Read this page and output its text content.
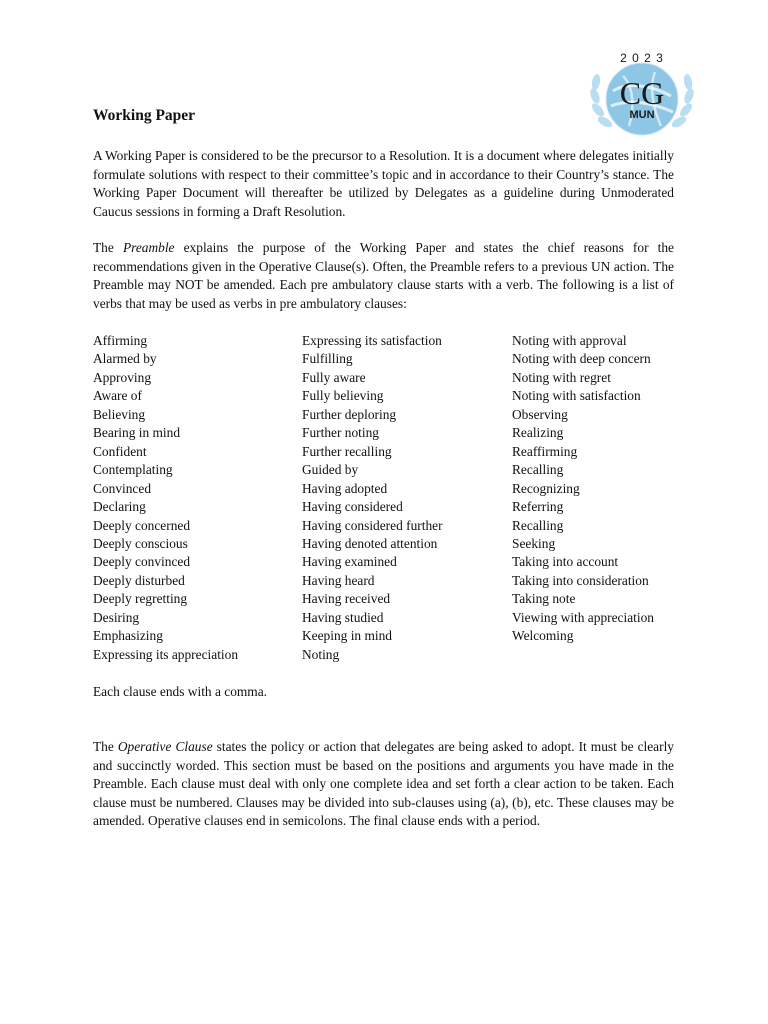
2 0 2 3
CG
MUN
Working Paper

A Working Paper is considered to be the precursor to a Resolution. It is a document where delegates initially formulate solutions with respect to their committee’s topic and in accordance to their Country’s stance. The Working Paper Document will thereafter be utilized by Delegates as a guideline during Unmoderated Caucus sessions in forming a Draft Resolution.

The Preamble explains the purpose of the Working Paper and states the chief reasons for the recommendations given in the Operative Clause(s). Often, the Preamble refers to a previous UN action. The Preamble may NOT be amended. Each pre ambulatory clause starts with a verb. The following is a list of verbs that may be used as verbs in pre ambulatory clauses:

Affirming
Alarmed by
Approving
Aware of
Believing
Bearing in mind
Confident
Contemplating
Convinced
Declaring
Deeply concerned
Deeply conscious
Deeply convinced
Deeply disturbed
Deeply regretting
Desiring
Emphasizing
Expressing its appreciation
Expressing its satisfaction
Fulfilling
Fully aware
Fully believing
Further deploring
Further noting
Further recalling
Guided by
Having adopted
Having considered
Having considered further
Having denoted attention
Having examined
Having heard
Having received
Having studied
Keeping in mind
Noting
Noting with approval
Noting with deep concern
Noting with regret
Noting with satisfaction
Observing
Realizing
Reaffirming
Recalling
Recognizing
Referring
Recalling
Seeking
Taking into account
Taking into consideration
Taking note
Viewing with appreciation
Welcoming

Each clause ends with a comma.

The Operative Clause states the policy or action that delegates are being asked to adopt. It must be clearly and succinctly worded. This section must be based on the positions and arguments you have made in the Preamble. Each clause must deal with only one complete idea and set forth a clear action to be taken. Each clause must be numbered. Clauses may be divided into sub-clauses using (a), (b), etc. These clauses may be amended. Operative clauses end in semicolons. The final clause ends with a period.
